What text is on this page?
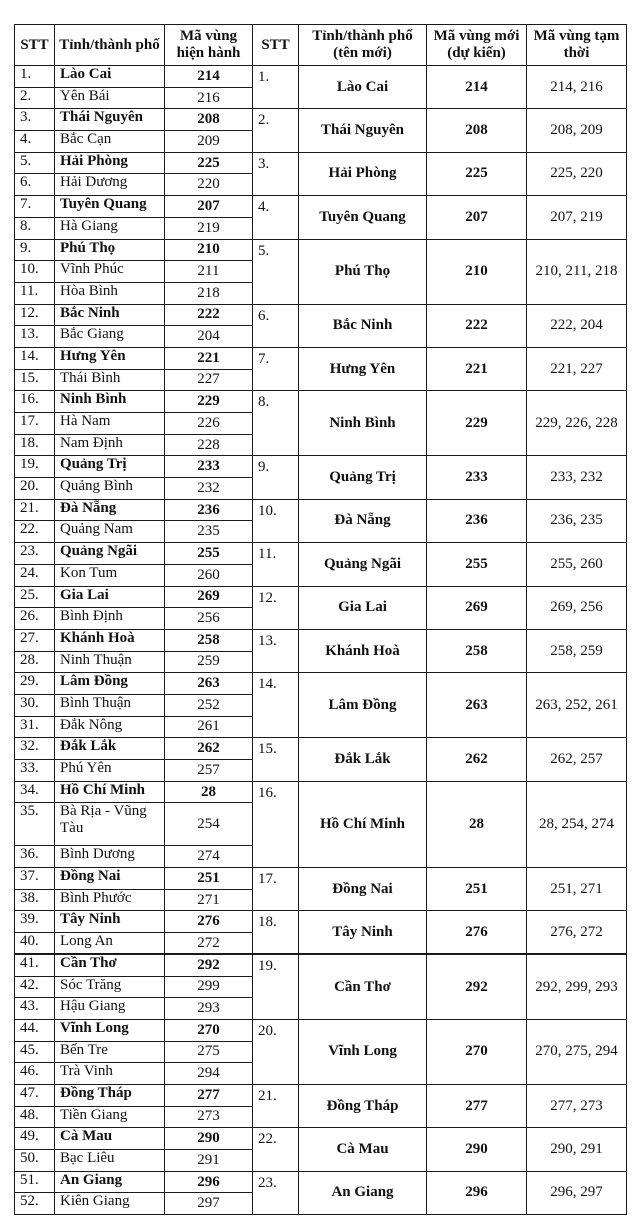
STT	Tỉnh/thành phố	Mã vùng hiện hành	STT	Tỉnh/thành phố (tên mới)	Mã vùng mới (dự kiến)	Mã vùng tạm thời
1.	Lào Cai	214	1.	Lào Cai	214	214, 216
2.	Yên Bái	216				
3.	Thái Nguyên	208	2.	Thái Nguyên	208	208, 209
4.	Bắc Cạn	209				
5.	Hải Phòng	225	3.	Hải Phòng	225	225, 220
6.	Hải Dương	220				
7.	Tuyên Quang	207	4.	Tuyên Quang	207	207, 219
8.	Hà Giang	219				
9.	Phú Thọ	210	5.	Phú Thọ	210	210, 211, 218
10.	Vĩnh Phúc	211				
11.	Hòa Bình	218				
12.	Bắc Ninh	222	6.	Bắc Ninh	222	222, 204
13.	Bắc Giang	204				
14.	Hưng Yên	221	7.	Hưng Yên	221	221, 227
15.	Thái Bình	227				
16.	Ninh Bình	229	8.	Ninh Bình	229	229, 226, 228
17.	Hà Nam	226				
18.	Nam Định	228				
19.	Quảng Trị	233	9.	Quảng Trị	233	233, 232
20.	Quảng Bình	232				
21.	Đà Nẵng	236	10.	Đà Nẵng	236	236, 235
22.	Quảng Nam	235				
23.	Quảng Ngãi	255	11.	Quảng Ngãi	255	255, 260
24.	Kon Tum	260				
25.	Gia Lai	269	12.	Gia Lai	269	269, 256
26.	Bình Định	256				
27.	Khánh Hoà	258	13.	Khánh Hoà	258	258, 259
28.	Ninh Thuận	259				
29.	Lâm Đồng	263	14.	Lâm Đồng	263	263, 252, 261
30.	Bình Thuận	252				
31.	Đắk Nông	261				
32.	Đắk Lắk	262	15.	Đắk Lắk	262	262, 257
33.	Phú Yên	257				
34.	Hồ Chí Minh	28	16.	Hồ Chí Minh	28	28, 254, 274
35.	Bà Rịa - Vũng Tàu	254				
36.	Bình Dương	274				
37.	Đồng Nai	251	17.	Đồng Nai	251	251, 271
38.	Bình Phước	271				
39.	Tây Ninh	276	18.	Tây Ninh	276	276, 272
40.	Long An	272				
41.	Cần Thơ	292	19.	Cần Thơ	292	292, 299, 293
42.	Sóc Trăng	299				
43.	Hậu Giang	293				
44.	Vĩnh Long	270	20.	Vĩnh Long	270	270, 275, 294
45.	Bến Tre	275				
46.	Trà Vinh	294				
47.	Đồng Tháp	277	21.	Đồng Tháp	277	277, 273
48.	Tiền Giang	273				
49.	Cà Mau	290	22.	Cà Mau	290	290, 291
50.	Bạc Liêu	291				
51.	An Giang	296	23.	An Giang	296	296, 297
52.	Kiên Giang	297				
